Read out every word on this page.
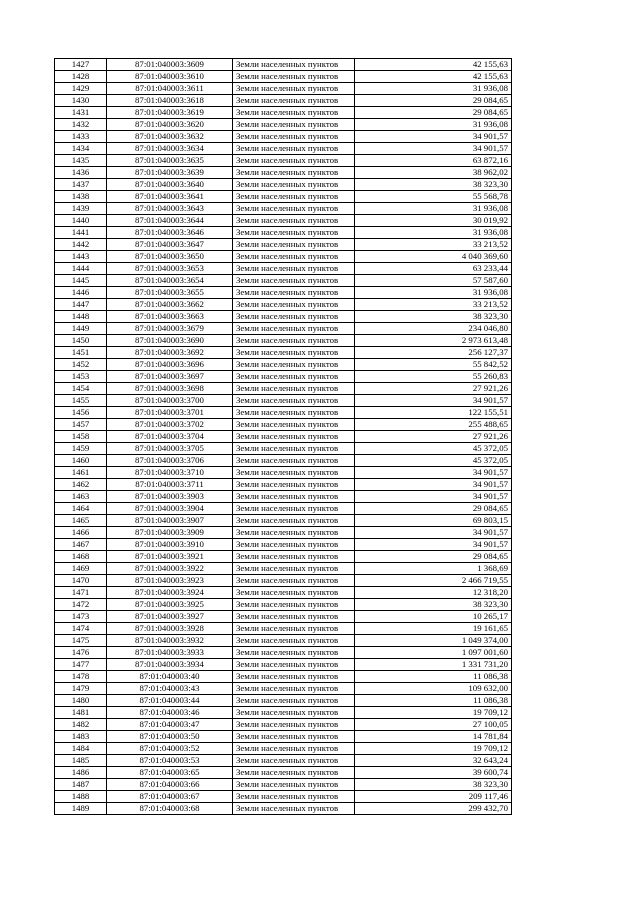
1427	87:01:040003:3609	Земли населенных пунктов	42 155,63
1428	87:01:040003:3610	Земли населенных пунктов	42 155,63
1429	87:01:040003:3611	Земли населенных пунктов	31 936,08
1430	87:01:040003:3618	Земли населенных пунктов	29 084,65
1431	87:01:040003:3619	Земли населенных пунктов	29 084,65
1432	87:01:040003:3620	Земли населенных пунктов	31 936,08
1433	87:01:040003:3632	Земли населенных пунктов	34 901,57
1434	87:01:040003:3634	Земли населенных пунктов	34 901,57
1435	87:01:040003:3635	Земли населенных пунктов	63 872,16
1436	87:01:040003:3639	Земли населенных пунктов	38 962,02
1437	87:01:040003:3640	Земли населенных пунктов	38 323,30
1438	87:01:040003:3641	Земли населенных пунктов	55 568,78
1439	87:01:040003:3643	Земли населенных пунктов	31 936,08
1440	87:01:040003:3644	Земли населенных пунктов	30 019,92
1441	87:01:040003:3646	Земли населенных пунктов	31 936,08
1442	87:01:040003:3647	Земли населенных пунктов	33 213,52
1443	87:01:040003:3650	Земли населенных пунктов	4 040 369,60
1444	87:01:040003:3653	Земли населенных пунктов	63 233,44
1445	87:01:040003:3654	Земли населенных пунктов	57 587,60
1446	87:01:040003:3655	Земли населенных пунктов	31 936,08
1447	87:01:040003:3662	Земли населенных пунктов	33 213,52
1448	87:01:040003:3663	Земли населенных пунктов	38 323,30
1449	87:01:040003:3679	Земли населенных пунктов	234 046,80
1450	87:01:040003:3690	Земли населенных пунктов	2 973 613,48
1451	87:01:040003:3692	Земли населенных пунктов	256 127,37
1452	87:01:040003:3696	Земли населенных пунктов	55 842,52
1453	87:01:040003:3697	Земли населенных пунктов	55 260,83
1454	87:01:040003:3698	Земли населенных пунктов	27 921,26
1455	87:01:040003:3700	Земли населенных пунктов	34 901,57
1456	87:01:040003:3701	Земли населенных пунктов	122 155,51
1457	87:01:040003:3702	Земли населенных пунктов	255 488,65
1458	87:01:040003:3704	Земли населенных пунктов	27 921,26
1459	87:01:040003:3705	Земли населенных пунктов	45 372,05
1460	87:01:040003:3706	Земли населенных пунктов	45 372,05
1461	87:01:040003:3710	Земли населенных пунктов	34 901,57
1462	87:01:040003:3711	Земли населенных пунктов	34 901,57
1463	87:01:040003:3903	Земли населенных пунктов	34 901,57
1464	87:01:040003:3904	Земли населенных пунктов	29 084,65
1465	87:01:040003:3907	Земли населенных пунктов	69 803,15
1466	87:01:040003:3909	Земли населенных пунктов	34 901,57
1467	87:01:040003:3910	Земли населенных пунктов	34 901,57
1468	87:01:040003:3921	Земли населенных пунктов	29 084,65
1469	87:01:040003:3922	Земли населенных пунктов	1 368,69
1470	87:01:040003:3923	Земли населенных пунктов	2 466 719,55
1471	87:01:040003:3924	Земли населенных пунктов	12 318,20
1472	87:01:040003:3925	Земли населенных пунктов	38 323,30
1473	87:01:040003:3927	Земли населенных пунктов	10 265,17
1474	87:01:040003:3928	Земли населенных пунктов	19 161,65
1475	87:01:040003:3932	Земли населенных пунктов	1 049 374,00
1476	87:01:040003:3933	Земли населенных пунктов	1 097 001,60
1477	87:01:040003:3934	Земли населенных пунктов	1 331 731,20
1478	87:01:040003:40	Земли населенных пунктов	11 086,38
1479	87:01:040003:43	Земли населенных пунктов	109 632,00
1480	87:01:040003:44	Земли населенных пунктов	11 086,38
1481	87:01:040003:46	Земли населенных пунктов	19 709,12
1482	87:01:040003:47	Земли населенных пунктов	27 100,05
1483	87:01:040003:50	Земли населенных пунктов	14 781,84
1484	87:01:040003:52	Земли населенных пунктов	19 709,12
1485	87:01:040003:53	Земли населенных пунктов	32 643,24
1486	87:01:040003:65	Земли населенных пунктов	39 600,74
1487	87:01:040003:66	Земли населенных пунктов	38 323,30
1488	87:01:040003:67	Земли населенных пунктов	209 117,46
1489	87:01:040003:68	Земли населенных пунктов	299 432,70
